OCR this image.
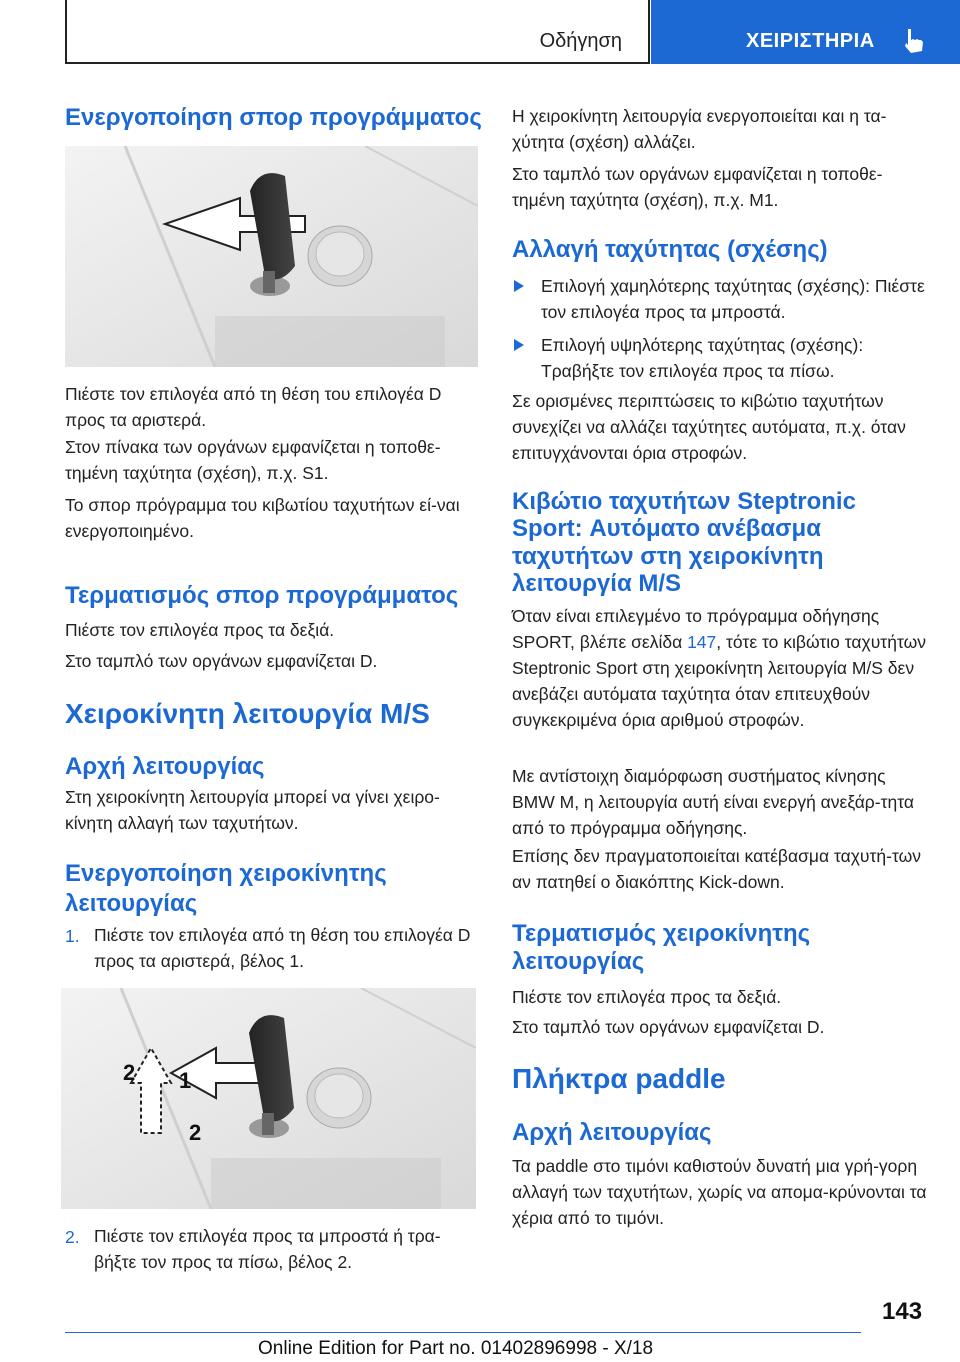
Οδήγηση	ΧΕΙΡΙΣΤΗΡΙΑ
Ενεργοποίηση σπορ προγράμματος

Πιέστε τον επιλογέα από τη θέση του επιλογέα D προς τα αριστερά.

Στον πίνακα των οργάνων εμφανίζεται η τοποθε‐τημένη ταχύτητα (σχέση), π.χ. S1.

Το σπορ πρόγραμμα του κιβωτίου ταχυτήτων εί‐ναι ενεργοποιημένο.

Τερματισμός σπορ προγράμματος

Πιέστε τον επιλογέα προς τα δεξιά.

Στο ταμπλό των οργάνων εμφανίζεται D.

Χειροκίνητη λειτουργία M/S
Αρχή λειτουργίας

Στη χειροκίνητη λειτουργία μπορεί να γίνει χειρο‐κίνητη αλλαγή των ταχυτήτων.

Ενεργοποίηση χειροκίνητης
λειτουργίας
1. Πιέστε τον επιλογέα από τη θέση του επιλογέα D προς τα αριστερά, βέλος 1.

1
2
2
2. Πιέστε τον επιλογέα προς τα μπροστά ή τρα‐βήξτε τον προς τα πίσω, βέλος 2.

Η χειροκίνητη λειτουργία ενεργοποιείται και η τα‐χύτητα (σχέση) αλλάζει.

Στο ταμπλό των οργάνων εμφανίζεται η τοποθε‐τημένη ταχύτητα (σχέση), π.χ. M1.

Αλλαγή ταχύτητας (σχέσης)

Επιλογή χαμηλότερης ταχύτητας (σχέσης): Πιέστε τον επιλογέα προς τα μπροστά.

Επιλογή υψηλότερης ταχύτητας (σχέσης): Τραβήξτε τον επιλογέα προς τα πίσω.

Σε ορισμένες περιπτώσεις το κιβώτιο ταχυτήτων συνεχίζει να αλλάζει ταχύτητες αυτόματα, π.χ. όταν επιτυγχάνονται όρια στροφών.

Κιβώτιο ταχυτήτων Steptronic
Sport: Αυτόματο ανέβασμα
ταχυτήτων στη χειροκίνητη
λειτουργία M/S

Όταν είναι επιλεγμένο το πρόγραμμα οδήγησης SPORT, βλέπε σελίδα 147, τότε το κιβώτιο ταχυτήτων Steptronic Sport στη χειροκίνητη λειτουργία M/S δεν ανεβάζει αυτόματα ταχύτητα όταν επιτευχθούν συγκεκριμένα όρια αριθμού στροφών.

Με αντίστοιχη διαμόρφωση συστήματος κίνησης BMW M, η λειτουργία αυτή είναι ενεργή ανεξάρ‐τητα από το πρόγραμμα οδήγησης.

Επίσης δεν πραγματοποιείται κατέβασμα ταχυτή‐των αν πατηθεί ο διακόπτης Kick-down.

Τερματισμός χειροκίνητης
λειτουργίας

Πιέστε τον επιλογέα προς τα δεξιά.

Στο ταμπλό των οργάνων εμφανίζεται D.

Πλήκτρα paddle
Αρχή λειτουργίας

Τα paddle στο τιμόνι καθιστούν δυνατή μια γρή‐γορη αλλαγή των ταχυτήτων, χωρίς να απομα‐κρύνονται τα χέρια από το τιμόνι.

143
Online Edition for Part no. 01402896998 - X/18
